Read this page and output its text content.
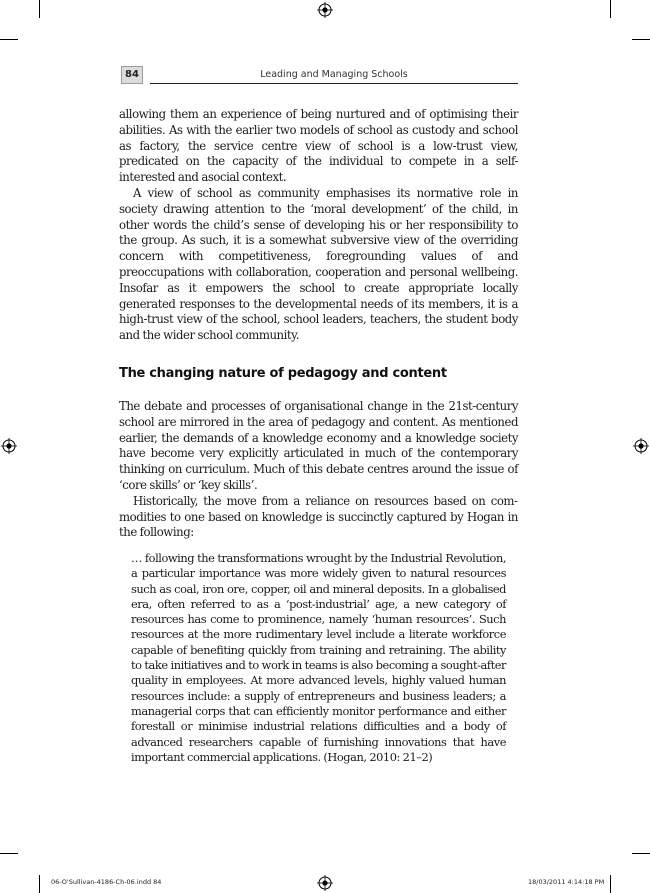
84	Leading and Managing Schools

allowing them an experience of being nurtured and of optimising their abilities. As with the earlier two models of school as custody and school as factory, the service centre view of school is a low-trust view, predicated on the capacity of the individual to compete in a self-interested and asocial context.

A view of school as community emphasises its normative role in society drawing attention to the ‘moral development’ of the child, in other words the child’s sense of developing his or her responsibility to the group. As such, it is a somewhat subversive view of the overriding concern with competitiveness, foregrounding values of and preoccupations with collaboration, cooperation and personal wellbeing. Insofar as it empowers the school to create appropriate locally generated responses to the developmental needs of its members, it is a high-trust view of the school, school leaders, teachers, the student body and the wider school community.

The changing nature of pedagogy and content

The debate and processes of organisational change in the 21st-century school are mirrored in the area of pedagogy and content. As mentioned earlier, the demands of a knowledge economy and a knowledge society have become very explicitly articulated in much of the contemporary thinking on curriculum. Much of this debate centres around the issue of ‘core skills’ or ‘key skills’.

Historically, the move from a reliance on resources based on commodities to one based on knowledge is succinctly captured by Hogan in the following:

… following the transformations wrought by the Industrial Revolution, a particular importance was more widely given to natural resources such as coal, iron ore, copper, oil and mineral deposits. In a globalised era, often referred to as a ‘post-industrial’ age, a new category of resources has come to prominence, namely ‘human resources’. Such resources at the more rudimentary level include a literate workforce capable of benefiting quickly from training and retraining. The ability to take initiatives and to work in teams is also becoming a sought-after quality in employees. At more advanced levels, highly valued human resources include: a supply of entrepreneurs and business leaders; a managerial corps that can efficiently monitor performance and either forestall or minimise industrial relations difficulties and a body of advanced researchers capable of furnishing innovations that have important commercial applications. (Hogan, 2010: 21–2)

06-O'Sullivan-4186-Ch-06.indd 84	18/03/2011 4:14:18 PM
